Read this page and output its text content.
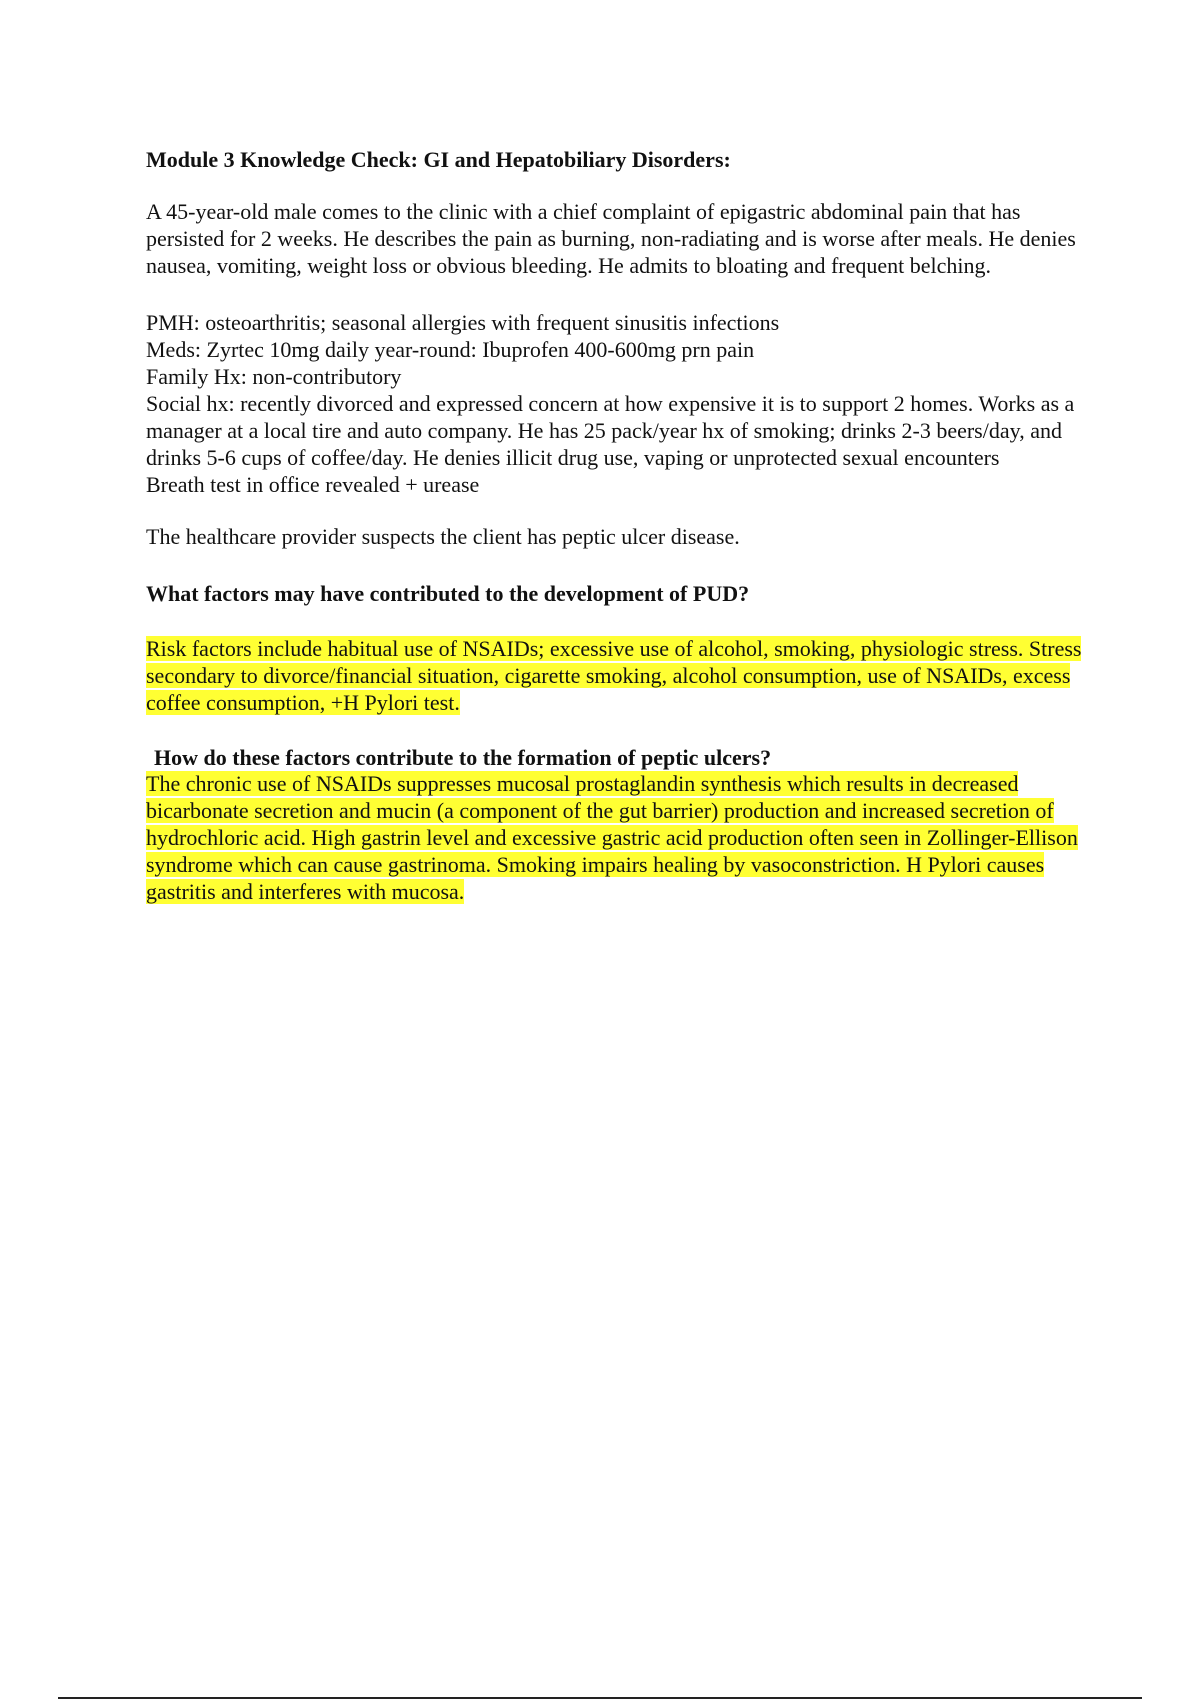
Module 3 Knowledge Check: GI and Hepatobiliary Disorders:

A 45-year-old male comes to the clinic with a chief complaint of epigastric abdominal pain that has persisted for 2 weeks. He describes the pain as burning, non-radiating and is worse after meals. He denies nausea, vomiting, weight loss or obvious bleeding. He admits to bloating and frequent belching.

PMH: osteoarthritis; seasonal allergies with frequent sinusitis infections

Meds: Zyrtec 10mg daily year-round: Ibuprofen 400-600mg prn pain

Family Hx: non-contributory

Social hx: recently divorced and expressed concern at how expensive it is to support 2 homes. Works as a manager at a local tire and auto company. He has 25 pack/year hx of smoking; drinks 2-3 beers/day, and drinks 5-6 cups of coffee/day. He denies illicit drug use, vaping or unprotected sexual encounters

Breath test in office revealed + urease

The healthcare provider suspects the client has peptic ulcer disease.

What factors may have contributed to the development of PUD?

Risk factors include habitual use of NSAIDs; excessive use of alcohol, smoking, physiologic stress. Stress secondary to divorce/financial situation, cigarette smoking, alcohol consumption, use of NSAIDs, excess coffee consumption, +H Pylori test.

How do these factors contribute to the formation of peptic ulcers?

The chronic use of NSAIDs suppresses mucosal prostaglandin synthesis which results in decreased bicarbonate secretion and mucin (a component of the gut barrier) production and increased secretion of hydrochloric acid. High gastrin level and excessive gastric acid production often seen in Zollinger-Ellison syndrome which can cause gastrinoma. Smoking impairs healing by vasoconstriction. H Pylori causes gastritis and interferes with mucosa.
